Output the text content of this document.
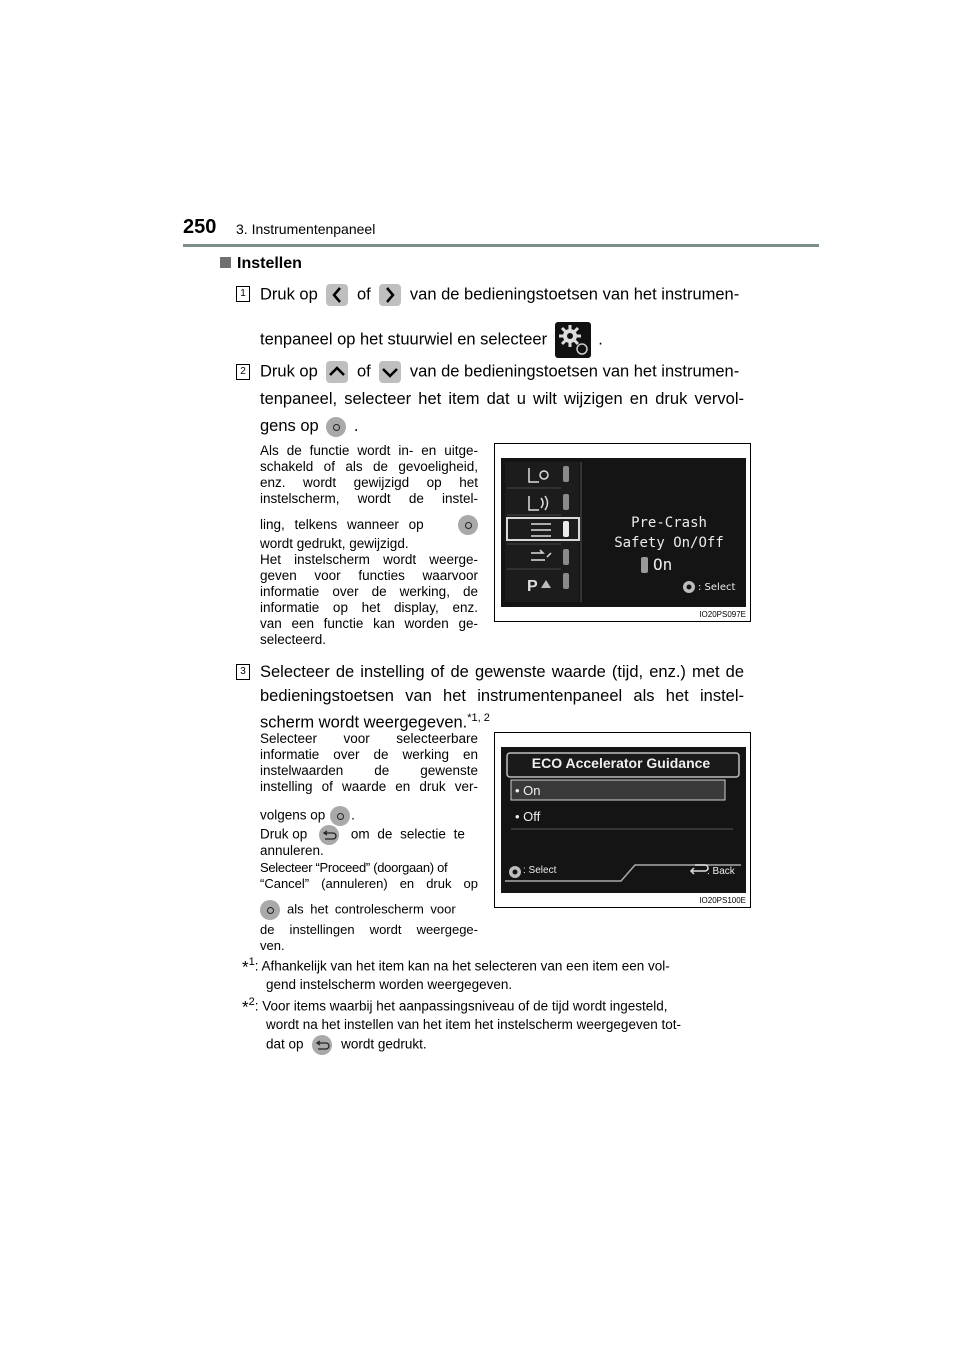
250 3. Instrumentenpaneel
Instellen
1 Druk op of van de bedieningstoetsen van het instrumen-
tenpaneel op het stuurwiel en selecteer	.
2 Druk op of van de bedieningstoetsen van het instrumen-
tenpaneel, selecteer het item dat u wilt wijzigen en druk vervol-
gens op .
Als de functie wordt in- en uitge-
schakeld of als de gevoeligheid,
enz. wordt gewijzigd op het
instelscherm, wordt de instel-
ling, telkens wanneer op
wordt gedrukt, gewijzigd.
Het instelscherm wordt weerge-
geven voor functies waarvoor
informatie over de werking, de
informatie op het display, enz.
van een functie kan worden ge-
selecteerd.
P
Pre-Crash
Safety On/Off
On
: Select
IO20PS097E
3 Selecteer de instelling of de gewenste waarde (tijd, enz.) met de
bedieningstoetsen van het instrumentenpaneel als het instel-
scherm wordt weergegeven.$^{*1, 2}$
Selecteer voor selecteerbare
informatie over de werking en
instelwaarden de gewenste
instelling of waarde en druk ver-
volgens op .
Druk op	om de selectie te
annuleren.
Selecteer “Proceed” (doorgaan) of
“Cancel” (annuleren) en druk op
als het controlescherm voor
de instellingen wordt weergege-
ven.
ECO Accelerator Guidance
• On
• Off
: Select	: Back
IO20PS100E
*$^1$: Afhankelijk van het item kan na het selecteren van een item een vol-
gend instelscherm worden weergegeven.
*$^2$: Voor items waarbij het aanpassingsniveau of de tijd wordt ingesteld,
wordt na het instellen van het item het instelscherm weergegeven tot-
dat op	wordt gedrukt.
